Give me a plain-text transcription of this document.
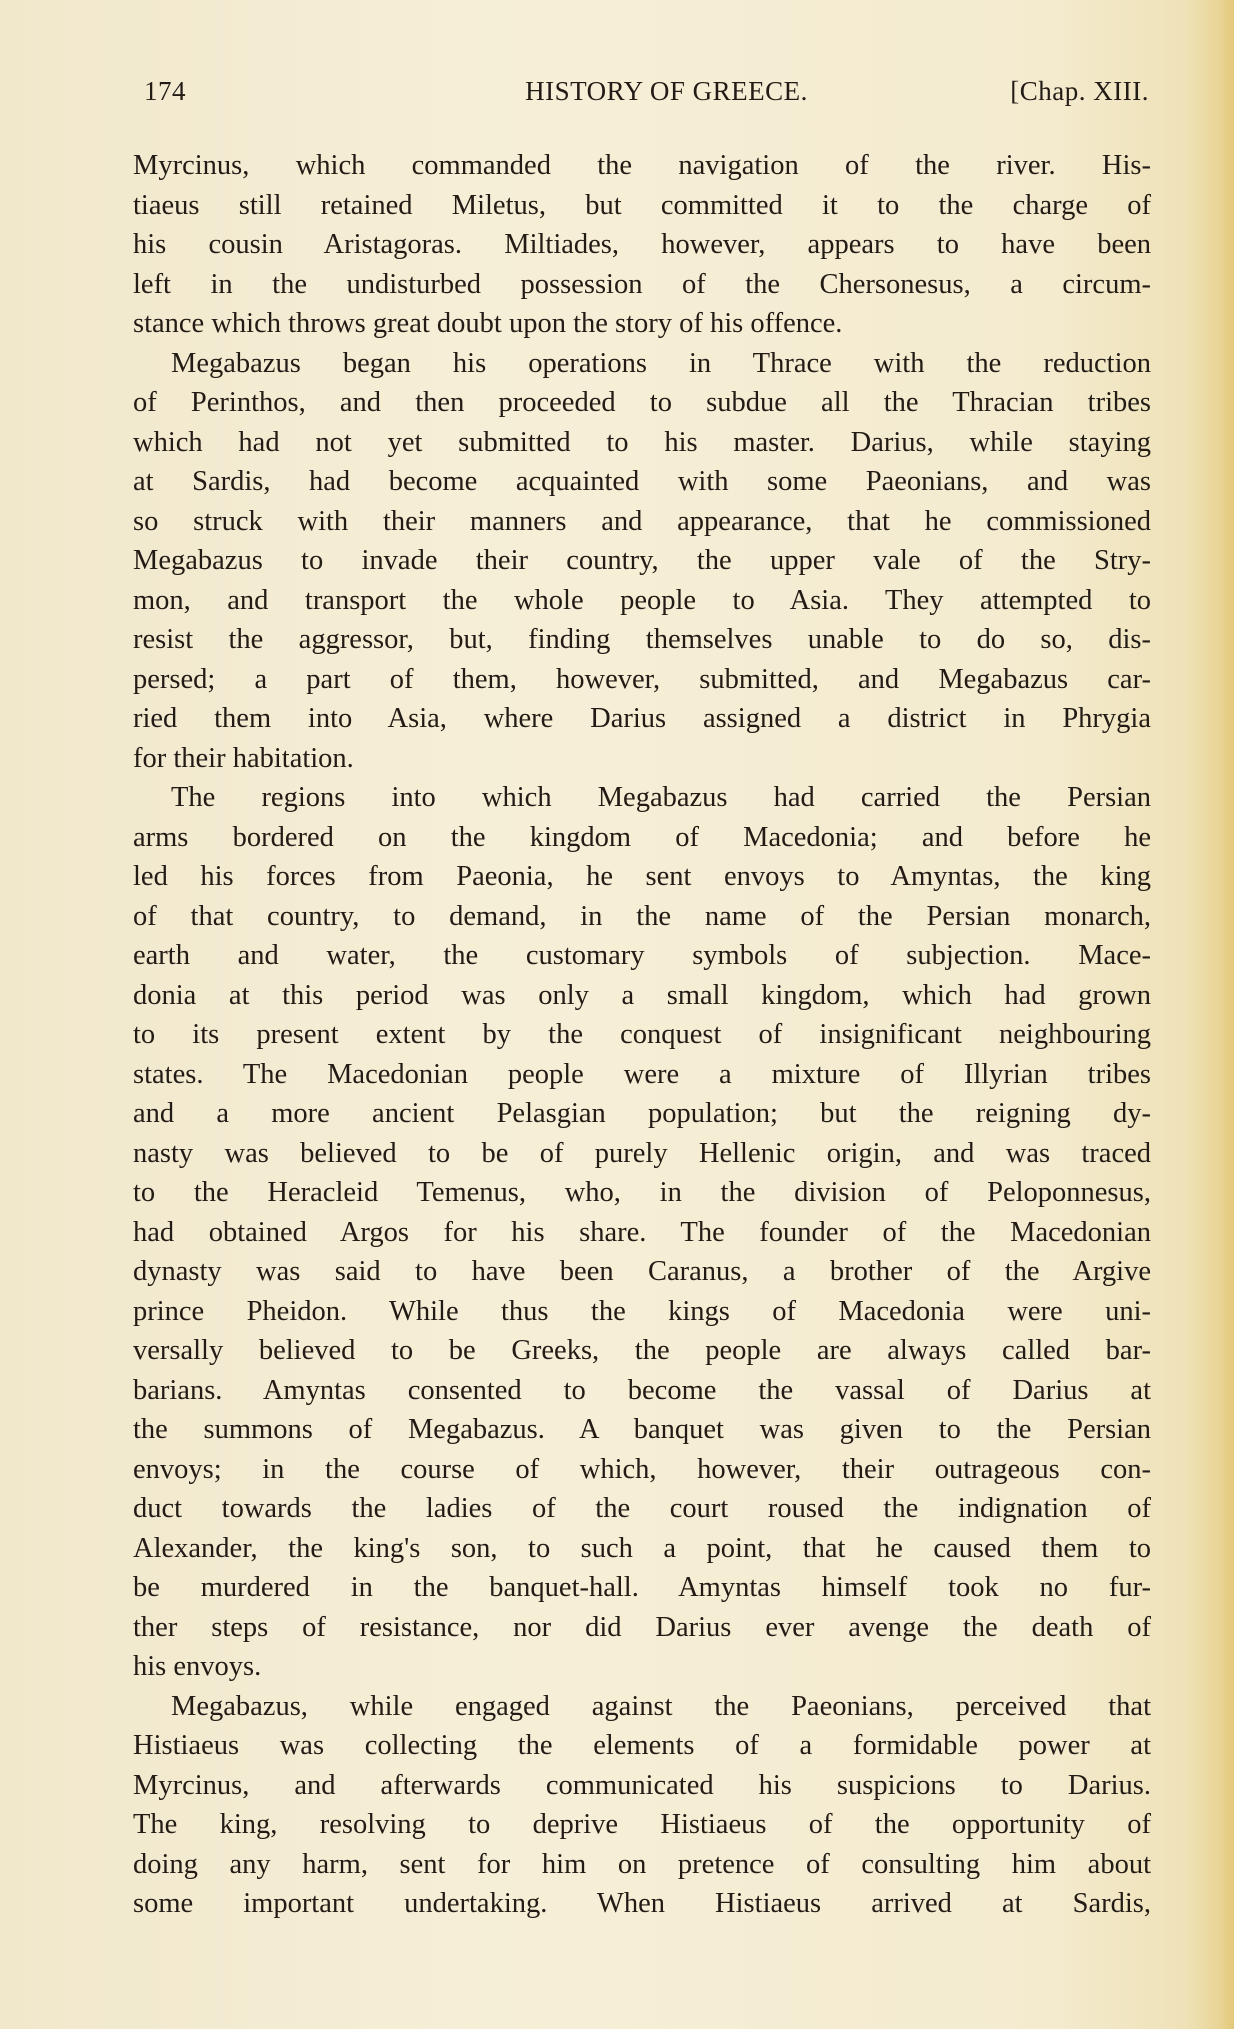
174	HISTORY OF GREECE.	[Chap. XIII.
Myrcinus, which commanded the navigation of the river. His-
tiaeus still retained Miletus, but committed it to the charge of
his cousin Aristagoras. Miltiades, however, appears to have been
left in the undisturbed possession of the Chersonesus, a circum-
stance which throws great doubt upon the story of his offence.
Megabazus began his operations in Thrace with the reduction
of Perinthos, and then proceeded to subdue all the Thracian tribes
which had not yet submitted to his master. Darius, while staying
at Sardis, had become acquainted with some Paeonians, and was
so struck with their manners and appearance, that he commissioned
Megabazus to invade their country, the upper vale of the Stry-
mon, and transport the whole people to Asia. They attempted to
resist the aggressor, but, finding themselves unable to do so, dis-
persed; a part of them, however, submitted, and Megabazus car-
ried them into Asia, where Darius assigned a district in Phrygia
for their habitation.
The regions into which Megabazus had carried the Persian
arms bordered on the kingdom of Macedonia; and before he
led his forces from Paeonia, he sent envoys to Amyntas, the king
of that country, to demand, in the name of the Persian monarch,
earth and water, the customary symbols of subjection. Mace-
donia at this period was only a small kingdom, which had grown
to its present extent by the conquest of insignificant neighbouring
states. The Macedonian people were a mixture of Illyrian tribes
and a more ancient Pelasgian population; but the reigning dy-
nasty was believed to be of purely Hellenic origin, and was traced
to the Heracleid Temenus, who, in the division of Peloponnesus,
had obtained Argos for his share. The founder of the Macedonian
dynasty was said to have been Caranus, a brother of the Argive
prince Pheidon. While thus the kings of Macedonia were uni-
versally believed to be Greeks, the people are always called bar-
barians. Amyntas consented to become the vassal of Darius at
the summons of Megabazus. A banquet was given to the Persian
envoys; in the course of which, however, their outrageous con-
duct towards the ladies of the court roused the indignation of
Alexander, the king's son, to such a point, that he caused them to
be murdered in the banquet-hall. Amyntas himself took no fur-
ther steps of resistance, nor did Darius ever avenge the death of
his envoys.
Megabazus, while engaged against the Paeonians, perceived that
Histiaeus was collecting the elements of a formidable power at
Myrcinus, and afterwards communicated his suspicions to Darius.
The king, resolving to deprive Histiaeus of the opportunity of
doing any harm, sent for him on pretence of consulting him about
some important undertaking. When Histiaeus arrived at Sardis,
